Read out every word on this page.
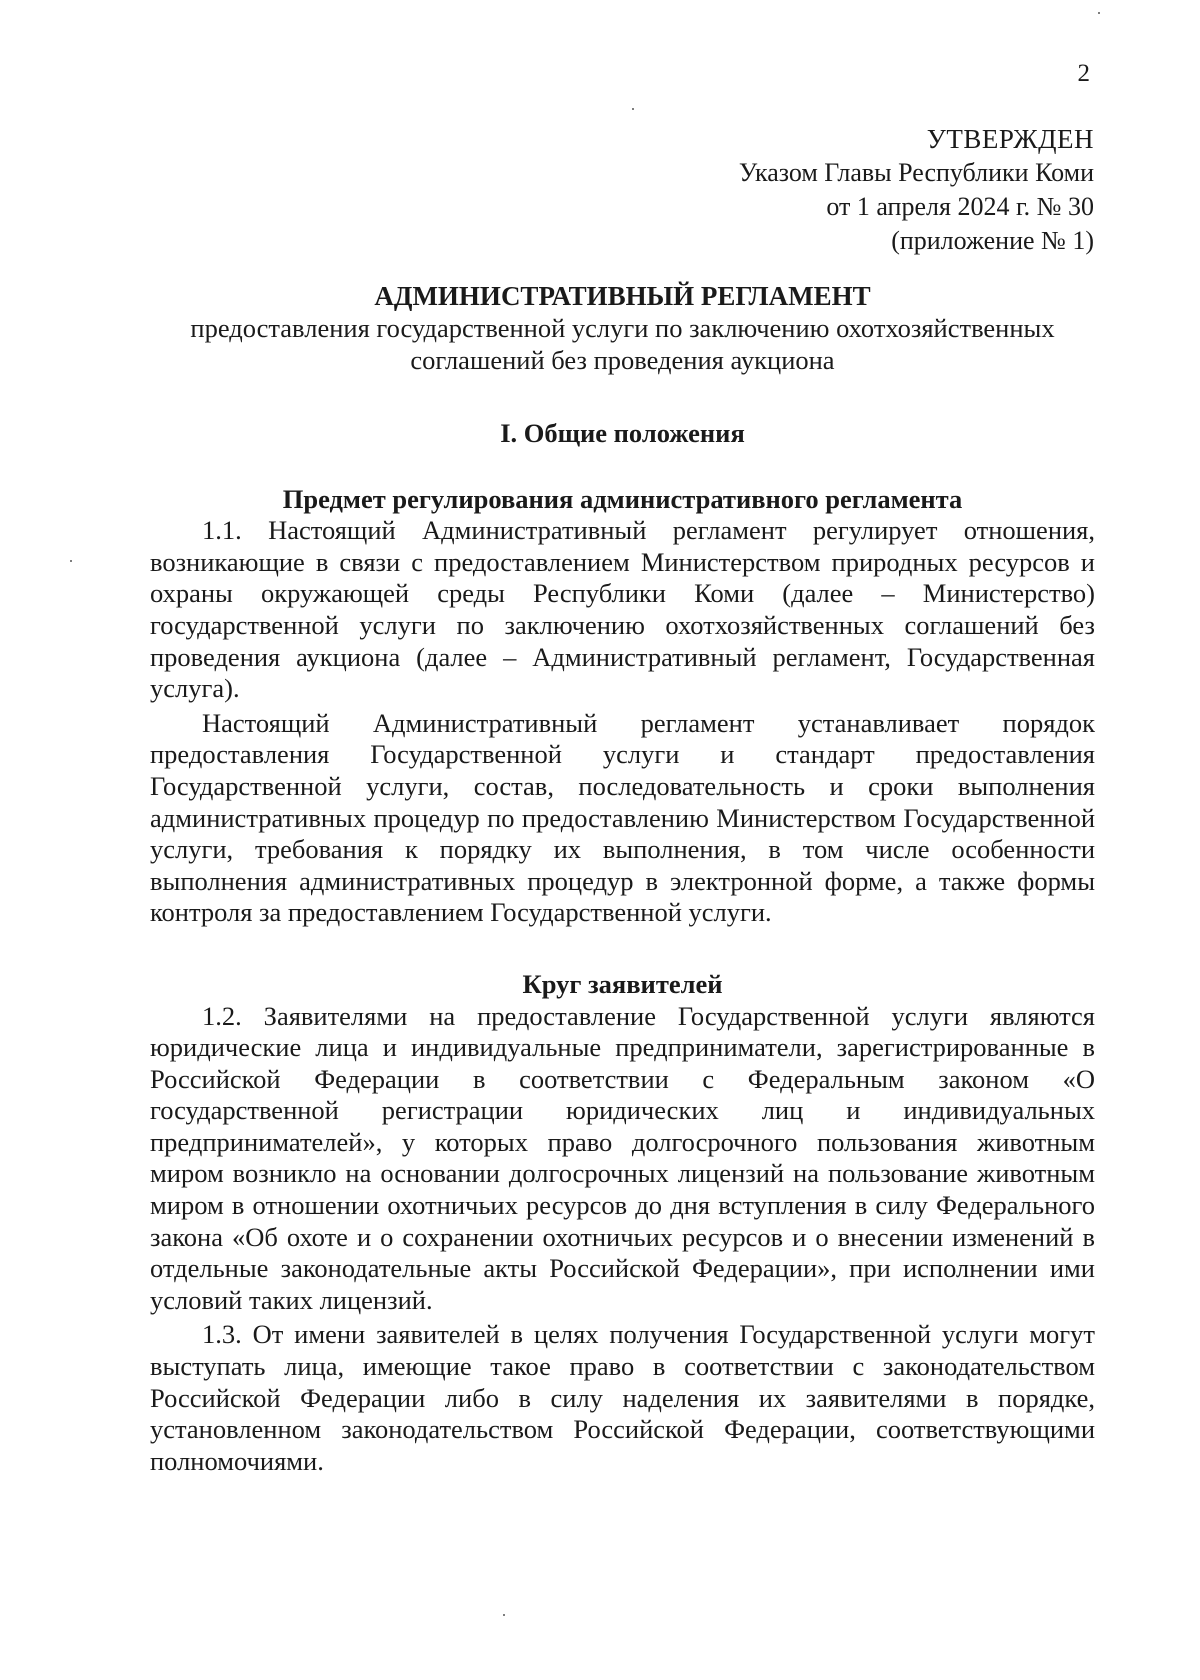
2
УТВЕРЖДЕН
Указом Главы Республики Коми
от 1 апреля 2024 г. № 30
(приложение № 1)
АДМИНИСТРАТИВНЫЙ РЕГЛАМЕНТ
предоставления государственной услуги по заключению охотхозяйственных соглашений без проведения аукциона
I. Общие положения
Предмет регулирования административного регламента

1.1. Настоящий Административный регламент регулирует отношения, возникающие в связи с предоставлением Министерством природных ресурсов и охраны окружающей среды Республики Коми (далее – Министерство) государственной услуги по заключению охотхозяйственных соглашений без проведения аукциона (далее – Административный регламент, Государственная услуга).

Настоящий Административный регламент устанавливает порядок предоставления Государственной услуги и стандарт предоставления Государственной услуги, состав, последовательность и сроки выполнения административных процедур по предоставлению Министерством Государственной услуги, требования к порядку их выполнения, в том числе особенности выполнения административных процедур в электронной форме, а также формы контроля за предоставлением Государственной услуги.

Круг заявителей

1.2. Заявителями на предоставление Государственной услуги являются юридические лица и индивидуальные предприниматели, зарегистрированные в Российской Федерации в соответствии с Федеральным законом «О государственной регистрации юридических лиц и индивидуальных предпринимателей», у которых право долгосрочного пользования животным миром возникло на основании долгосрочных лицензий на пользование животным миром в отношении охотничьих ресурсов до дня вступления в силу Федерального закона «Об охоте и о сохранении охотничьих ресурсов и о внесении изменений в отдельные законодательные акты Российской Федерации», при исполнении ими условий таких лицензий.

1.3. От имени заявителей в целях получения Государственной услуги могут выступать лица, имеющие такое право в соответствии с законодательством Российской Федерации либо в силу наделения их заявителями в порядке, установленном законодательством Российской Федерации, соответствующими полномочиями.
